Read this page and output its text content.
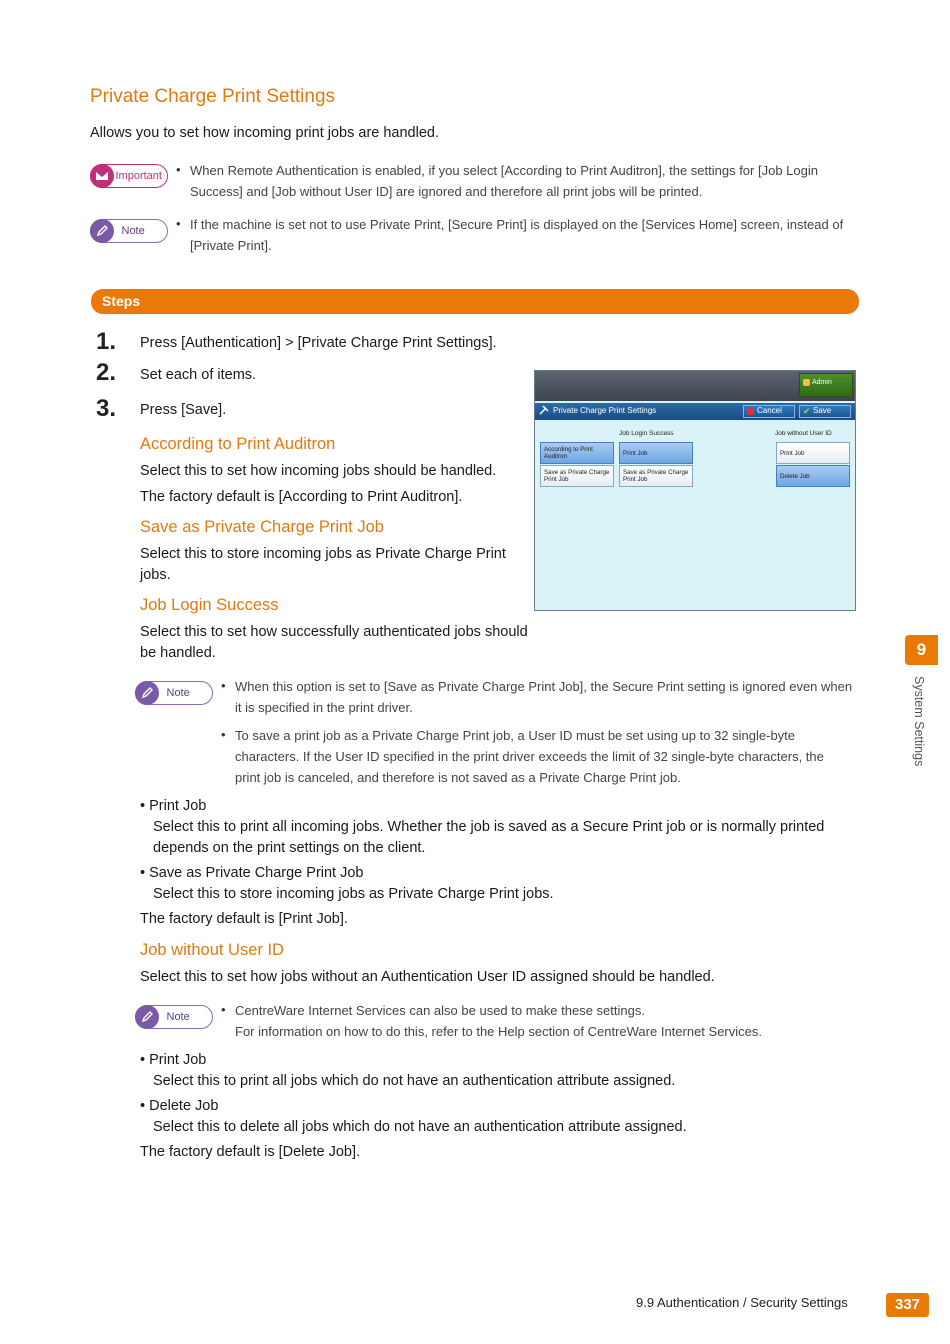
Private Charge Print Settings
Allows you to set how incoming print jobs are handled.
Important • When Remote Authentication is enabled, if you select [According to Print Auditron], the settings for [Job Login
Success] and [Job without User ID] are ignored and therefore all print jobs will be printed.
Note • If the machine is set not to use Private Print, [Secure Print] is displayed on the [Services Home] screen, instead of
[Private Print].
Steps
1. Press [Authentication] > [Private Charge Print Settings].
2. Set each of items.
3. Press [Save].
According to Print Auditron
Select this to set how incoming jobs should be handled.
The factory default is [According to Print Auditron].
Save as Private Charge Print Job
Select this to store incoming jobs as Private Charge Print
jobs.
Job Login Success
Select this to set how successfully authenticated jobs should
be handled.
Note • When this option is set to [Save as Private Charge Print Job], the Secure Print setting is ignored even when
it is specified in the print driver.
• To save a print job as a Private Charge Print job, a User ID must be set using up to 32 single-byte
characters. If the User ID specified in the print driver exceeds the limit of 32 single-byte characters, the
print job is canceled, and therefore is not saved as a Private Charge Print job.
• Print Job
Select this to print all incoming jobs. Whether the job is saved as a Secure Print job or is normally printed
depends on the print settings on the client.
• Save as Private Charge Print Job
Select this to store incoming jobs as Private Charge Print jobs.
The factory default is [Print Job].
Job without User ID
Select this to set how jobs without an Authentication User ID assigned should be handled.
Note • CentreWare Internet Services can also be used to make these settings.
For information on how to do this, refer to the Help section of CentreWare Internet Services.
• Print Job
Select this to print all jobs which do not have an authentication attribute assigned.
• Delete Job
Select this to delete all jobs which do not have an authentication attribute assigned.
The factory default is [Delete Job].
Admin
Private Charge Print Settings	Cancel	✔ Save
Job Login Success	Job without User ID
According to Print Auditron
Save as Private Charge Print Job
Print Job
Save as Private Charge Print Job
Print Job
Delete Job
9
System Settings
9.9 Authentication / Security Settings	337
